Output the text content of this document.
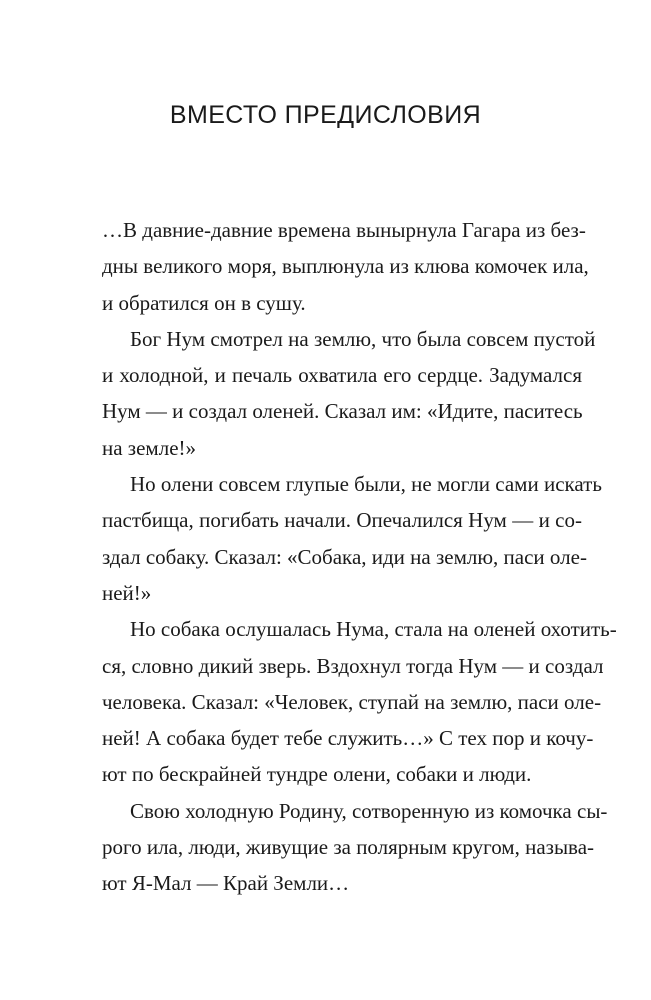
ВМЕСТО ПРЕДИСЛОВИЯ
…В давние-давние времена вынырнула Гагара из без-
дны великого моря, выплюнула из клюва комочек ила,
и обратился он в сушу.
Бог Нум смотрел на землю, что была совсем пустой
и холодной, и печаль охватила его сердце. Задумался
Нум — и создал оленей. Сказал им: «Идите, паситесь
на земле!»
Но олени совсем глупые были, не могли сами искать
пастбища, погибать начали. Опечалился Нум — и со-
здал собаку. Сказал: «Собака, иди на землю, паси оле-
ней!»
Но собака ослушалась Нума, стала на оленей охотить-
ся, словно дикий зверь. Вздохнул тогда Нум — и создал
человека. Сказал: «Человек, ступай на землю, паси оле-
ней! А собака будет тебе служить…» С тех пор и кочу-
ют по бескрайней тундре олени, собаки и люди.
Свою холодную Родину, сотворенную из комочка сы-
рого ила, люди, живущие за полярным кругом, называ-
ют Я-Мал — Край Земли…
